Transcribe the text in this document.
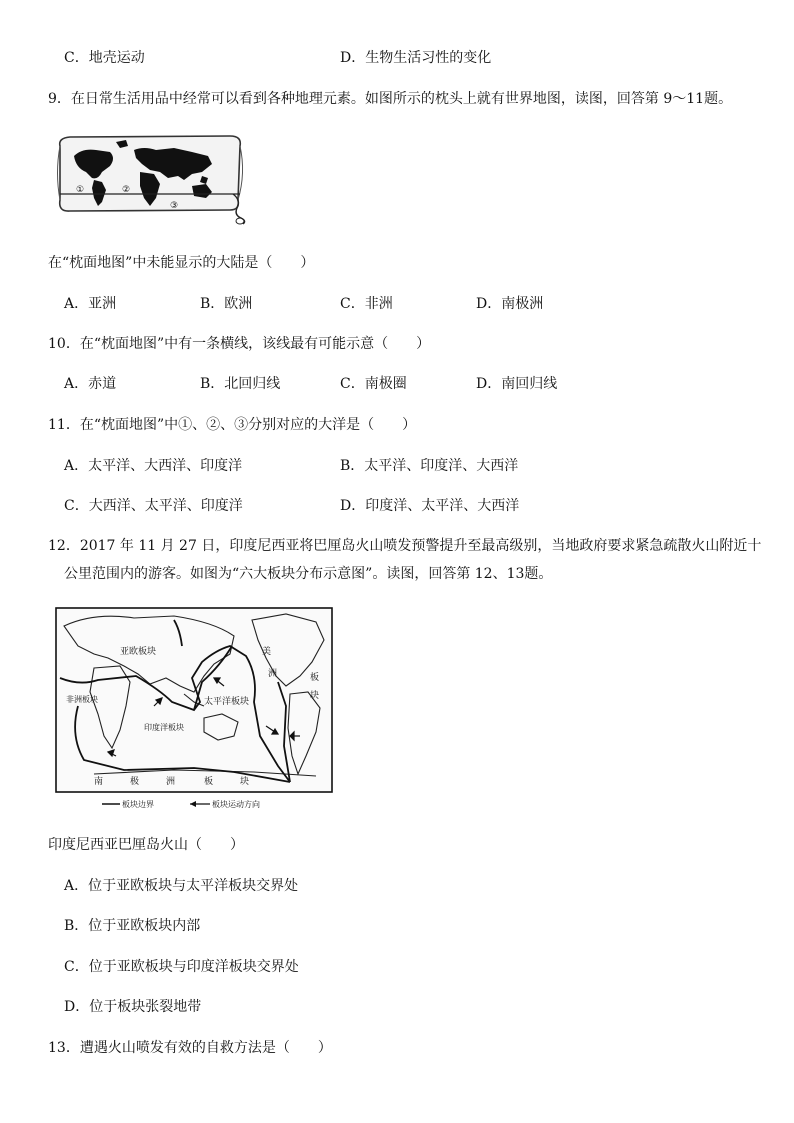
C．地壳运动	D．生物生活习性的变化
9．在日常生活用品中经常可以看到各种地理元素。如图所示的枕头上就有世界地图，读图，回答第 9～11题。
①	②
③
在“枕面地图”中未能显示的大陆是（　　）
A．亚洲	B．欧洲	C．非洲	D．南极洲
10．在“枕面地图”中有一条横线，该线最有可能示意（　　）
A．赤道	B．北回归线	C．南极圈	D．南回归线
11．在“枕面地图”中①、②、③分别对应的大洋是（　　）
A．太平洋、大西洋、印度洋	B．太平洋、印度洋、大西洋
C．大西洋、太平洋、印度洋	D．印度洋、太平洋、大西洋
12．2017 年 11 月 27 日，印度尼西亚将巴厘岛火山喷发预警提升至最高级别，当地政府要求紧急疏散火山附近十
公里范围内的游客。如图为“六大板块分布示意图”。读图，回答第 12、13题。
亚欧板块
太平洋板块
印度洋板块
非洲板块
美
洲	板
块
南	极	洲	板	块
板块边界	板块运动方向
印度尼西亚巴厘岛火山（　　）
A．位于亚欧板块与太平洋板块交界处
B．位于亚欧板块内部
C．位于亚欧板块与印度洋板块交界处
D．位于板块张裂地带
13．遭遇火山喷发有效的自救方法是（　　）
